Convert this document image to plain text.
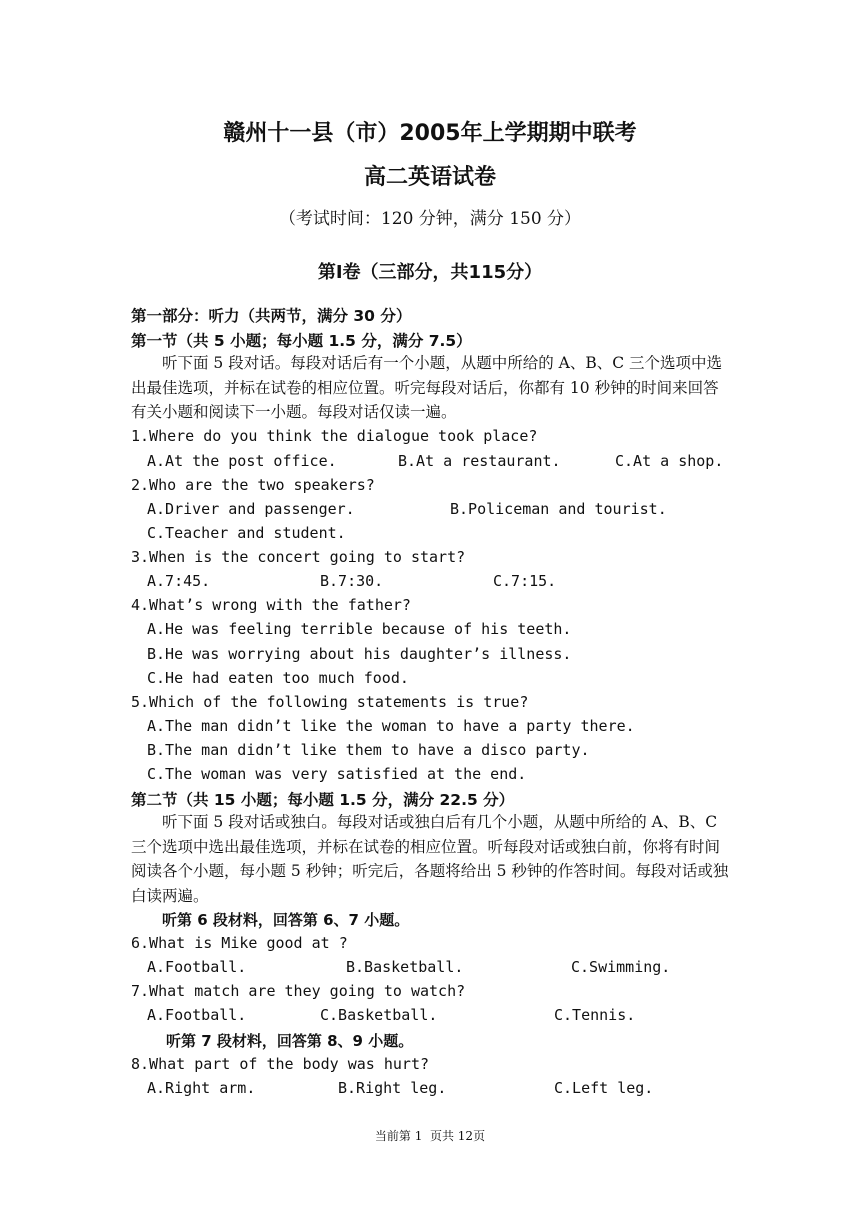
赣州十一县（市）2005年上学期期中联考
高二英语试卷
（考试时间：120 分钟，满分 150 分）
第Ⅰ卷（三部分，共115分）
第一部分：听力（共两节，满分 30 分）
第一节（共 5 小题；每小题 1.5 分，满分 7.5）
听下面 5 段对话。每段对话后有一个小题，从题中所给的 A、B、C 三个选项中选出最佳选项，并标在试卷的相应位置。听完每段对话后，你都有 10 秒钟的时间来回答有关小题和阅读下一小题。每段对话仅读一遍。
1.Where do you think the dialogue took place?
A.At the post office.	B.At a restaurant.	C.At a shop.
2.Who are the two speakers?
A.Driver and passenger.	B.Policeman and tourist.
C.Teacher and student.
3.When is the concert going to start?
A.7:45.	B.7:30.	C.7:15.
4.What’s wrong with the father?
A.He was feeling terrible because of his teeth.
B.He was worrying about his daughter’s illness.
C.He had eaten too much food.
5.Which of the following statements is true?
A.The man didn’t like the woman to have a party there.
B.The man didn’t like them to have a disco party.
C.The woman was very satisfied at the end.
第二节（共 15 小题；每小题 1.5 分，满分 22.5 分）
听下面 5 段对话或独白。每段对话或独白后有几个小题，从题中所给的 A、B、C 三个选项中选出最佳选项，并标在试卷的相应位置。听每段对话或独白前，你将有时间阅读各个小题，每小题 5 秒钟；听完后，各题将给出 5 秒钟的作答时间。每段对话或独白读两遍。
听第 6 段材料，回答第 6、7 小题。
6.What is Mike good at ?
A.Football.	B.Basketball.	C.Swimming.
7.What match are they going to watch?
A.Football.	C.Basketball.	C.Tennis.
听第 7 段材料，回答第 8、9 小题。
8.What part of the body was hurt?
A.Right arm.	B.Right leg.	C.Left leg.
当前第 1  页共 12页
